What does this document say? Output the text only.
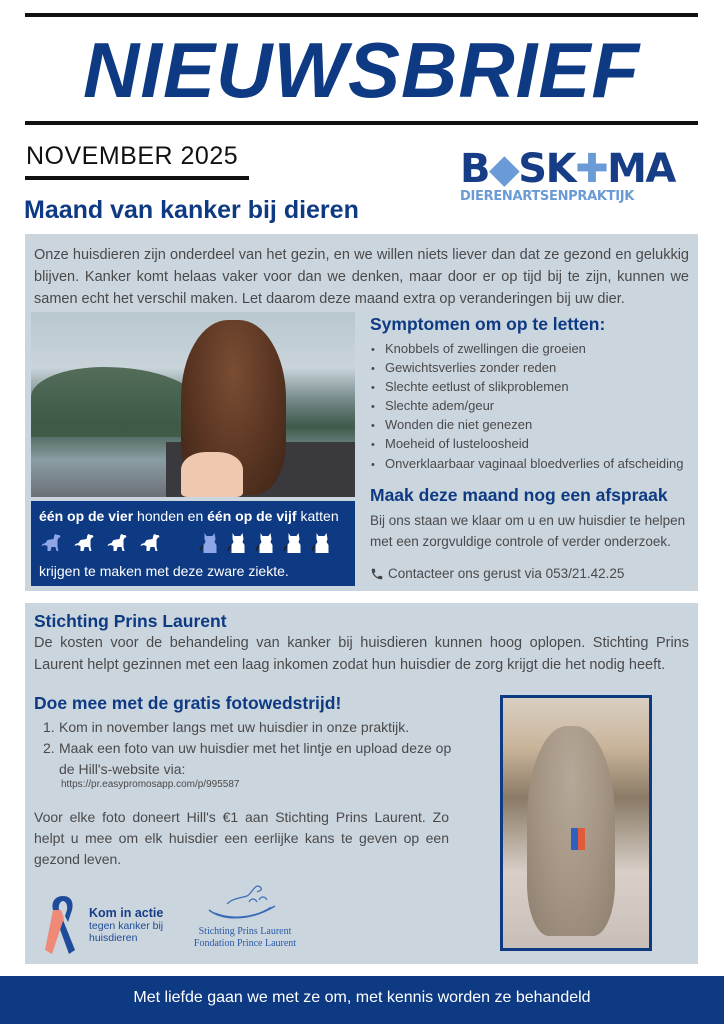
NIEUWSBRIEF
NOVEMBER 2025
Maand van kanker bij dieren
B◆SK✚MA
DIERENARTSENPRAKTIJK

Onze huisdieren zijn onderdeel van het gezin, en we willen niets liever dan dat ze gezond en gelukkig blijven. Kanker komt helaas vaker voor dan we denken, maar door er op tijd bij te zijn, kunnen we samen echt het verschil maken. Let daarom deze maand extra op veranderingen bij uw dier.

één op de vier honden en één op de vijf katten
krijgen te maken met deze zware ziekte.
Symptomen om op te letten:
• Knobbels of zwellingen die groeien
• Gewichtsverlies zonder reden
• Slechte eetlust of slikproblemen
• Slechte adem/geur
• Wonden die niet genezen
• Moeheid of lusteloosheid
• Onverklaarbaar vaginaal bloedverlies of afscheiding
Maak deze maand nog een afspraak

Bij ons staan we klaar om u en uw huisdier te helpen met een zorgvuldige controle of verder onderzoek.

Contacteer ons gerust via 053/21.42.25
Stichting Prins Laurent

De kosten voor de behandeling van kanker bij huisdieren kunnen hoog oplopen. Stichting Prins Laurent helpt gezinnen met een laag inkomen zodat hun huisdier de zorg krijgt die het nodig heeft.

Doe mee met de gratis fotowedstrijd!
1. Kom in november langs met uw huisdier in onze praktijk.
2. Maak een foto van uw huisdier met het lintje en upload deze op de Hill's-website via:
https://pr.easypromosapp.com/p/995587

Voor elke foto doneert Hill's €1 aan Stichting Prins Laurent. Zo helpt u mee om elk huisdier een eerlijke kans te geven op een gezond leven.

Kom in actie
tegen kanker bij
huisdieren
Stichting Prins Laurent
Fondation Prince Laurent
Met liefde gaan we met ze om, met kennis worden ze behandeld
